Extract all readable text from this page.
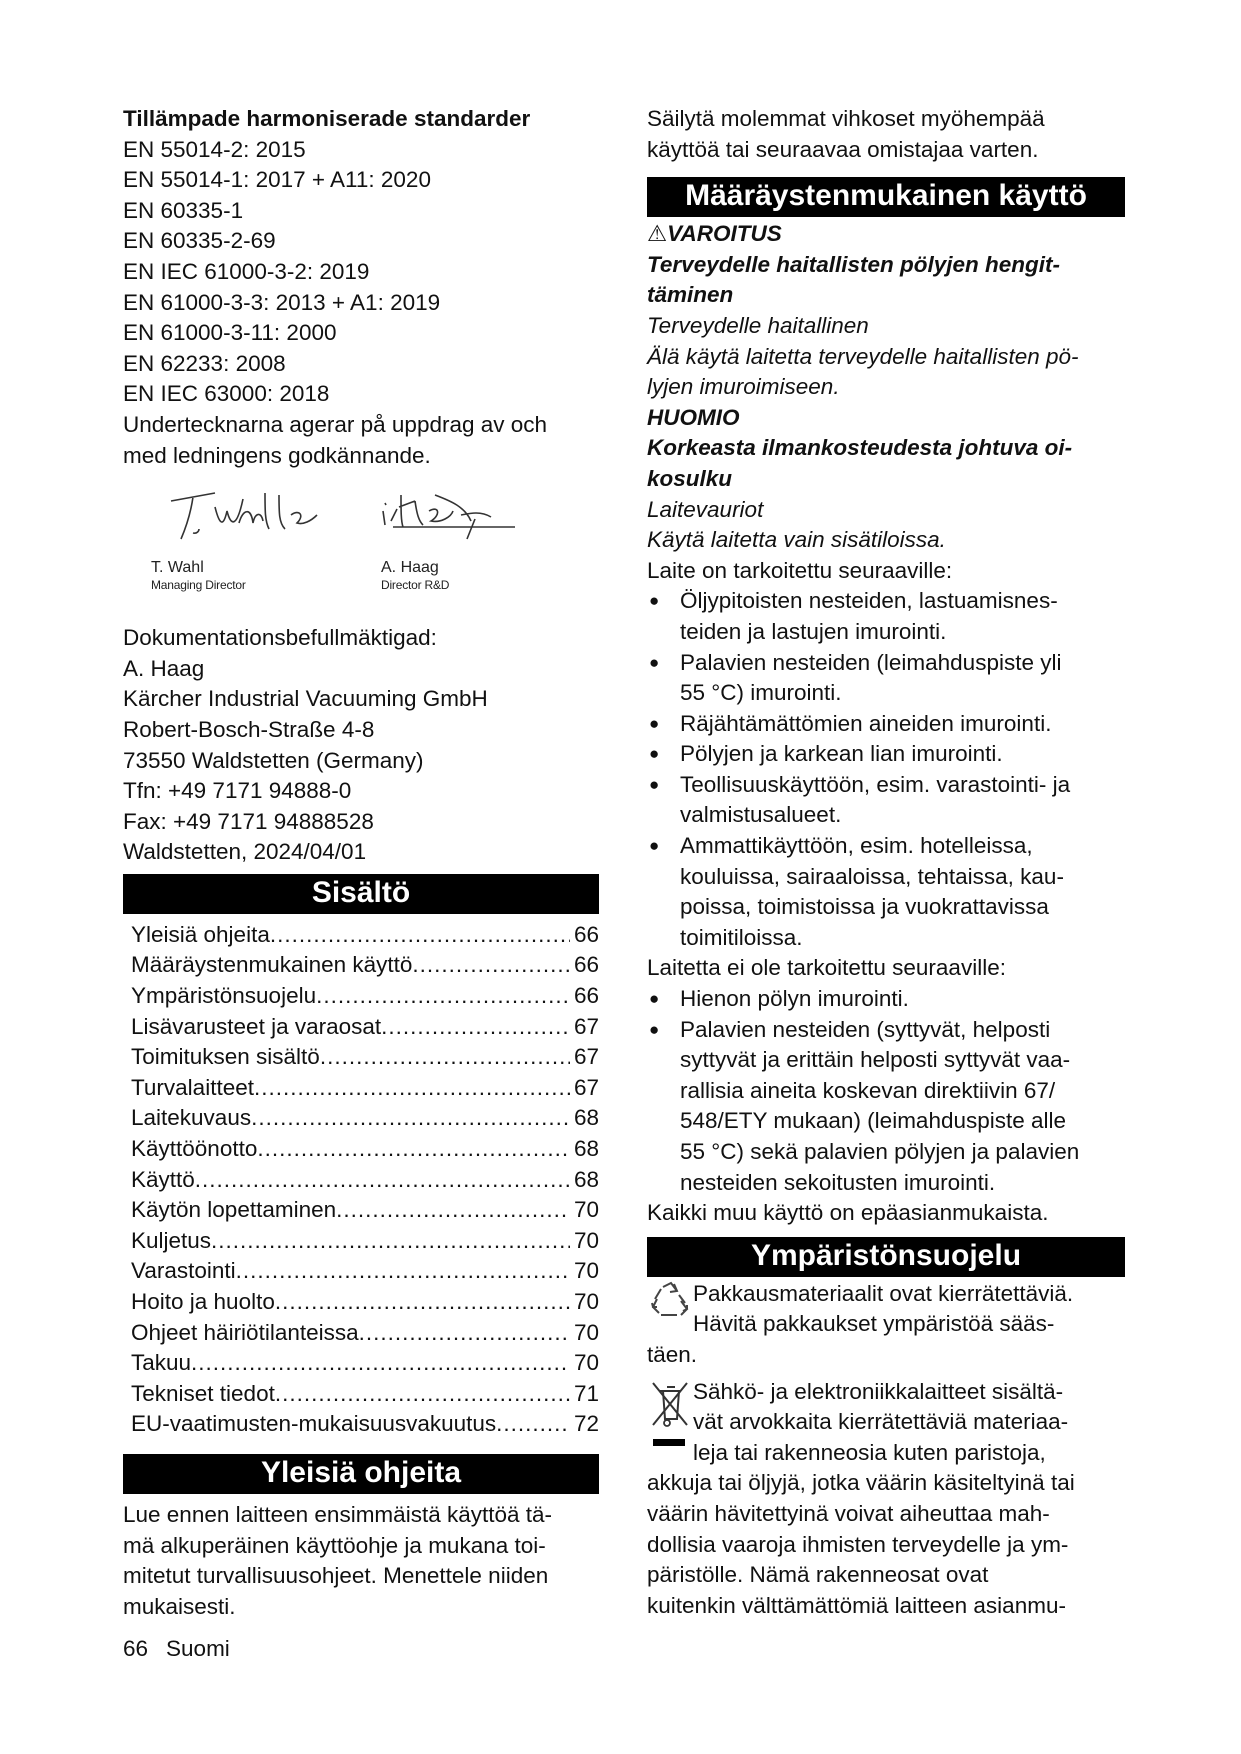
Tillämpade harmoniserade standarder
EN 55014-2: 2015
EN 55014-1: 2017 + A11: 2020
EN 60335-1
EN 60335-2-69
EN IEC 61000-3-2: 2019
EN 61000-3-3: 2013 + A1: 2019
EN 61000-3-11: 2000
EN 62233: 2008
EN IEC 63000: 2018
Undertecknarna agerar på uppdrag av och
med ledningens godkännande.
T. Wahl
Managing Director
A. Haag
Director R&D
Dokumentationsbefullmäktigad:
A. Haag
Kärcher Industrial Vacuuming GmbH
Robert-Bosch-Straße 4-8
73550 Waldstetten (Germany)
Tfn: +49 7171 94888-0
Fax: +49 7171 94888528
Waldstetten, 2024/04/01
Sisältö
Yleisiä ohjeita .....	66
Määräystenmukainen käyttö .....	66
Ympäristönsuojelu .....	66
Lisävarusteet ja varaosat .....	67
Toimituksen sisältö .....	67
Turvalaitteet .....	67
Laitekuvaus .....	68
Käyttöönotto .....	68
Käyttö .....	68
Käytön lopettaminen .....	70
Kuljetus .....	70
Varastointi .....	70
Hoito ja huolto .....	70
Ohjeet häiriötilanteissa .....	70
Takuu .....	70
Tekniset tiedot .....	71
EU-vaatimusten-mukaisuusvakuutus .....	72
Yleisiä ohjeita
Lue ennen laitteen ensimmäistä käyttöä tä-
mä alkuperäinen käyttöohje ja mukana toi-
mitetut turvallisuusohjeet. Menettele niiden
mukaisesti.
Säilytä molemmat vihkoset myöhempää
käyttöä tai seuraavaa omistajaa varten.
Määräystenmukainen käyttö
⚠VAROITUS
Terveydelle haitallisten pölyjen hengit-
täminen
Terveydelle haitallinen
Älä käytä laitetta terveydelle haitallisten pö-
lyjen imuroimiseen.
HUOMIO
Korkeasta ilmankosteudesta johtuva oi-
kosulku
Laitevauriot
Käytä laitetta vain sisätiloissa.
Laite on tarkoitettu seuraaville:
● Öljypitoisten nesteiden, lastuamisnes-
teiden ja lastujen imurointi.
● Palavien nesteiden (leimahduspiste yli
55 °C) imurointi.
● Räjähtämättömien aineiden imurointi.
● Pölyjen ja karkean lian imurointi.
● Teollisuuskäyttöön, esim. varastointi- ja
valmistusalueet.
● Ammattikäyttöön, esim. hotelleissa,
kouluissa, sairaaloissa, tehtaissa, kau-
poissa, toimistoissa ja vuokrattavissa
toimitiloissa.
Laitetta ei ole tarkoitettu seuraaville:
● Hienon pölyn imurointi.
● Palavien nesteiden (syttyvät, helposti
syttyvät ja erittäin helposti syttyvät vaa-
rallisia aineita koskevan direktiivin 67/
548/ETY mukaan) (leimahduspiste alle
55 °C) sekä palavien pölyjen ja palavien
nesteiden sekoitusten imurointi.
Kaikki muu käyttö on epäasianmukaista.
Ympäristönsuojelu
Pakkausmateriaalit ovat kierrätettäviä.
Hävitä pakkaukset ympäristöä sääs-
täen.
Sähkö- ja elektroniikkalaitteet sisältä-
vät arvokkaita kierrätettäviä materiaa-
leja tai rakenneosia kuten paristoja,
akkuja tai öljyjä, jotka väärin käsiteltyinä tai
väärin hävitettyinä voivat aiheuttaa mah-
dollisia vaaroja ihmisten terveydelle ja ym-
päristölle. Nämä rakenneosat ovat
kuitenkin välttämättömiä laitteen asianmu-
66 Suomi
